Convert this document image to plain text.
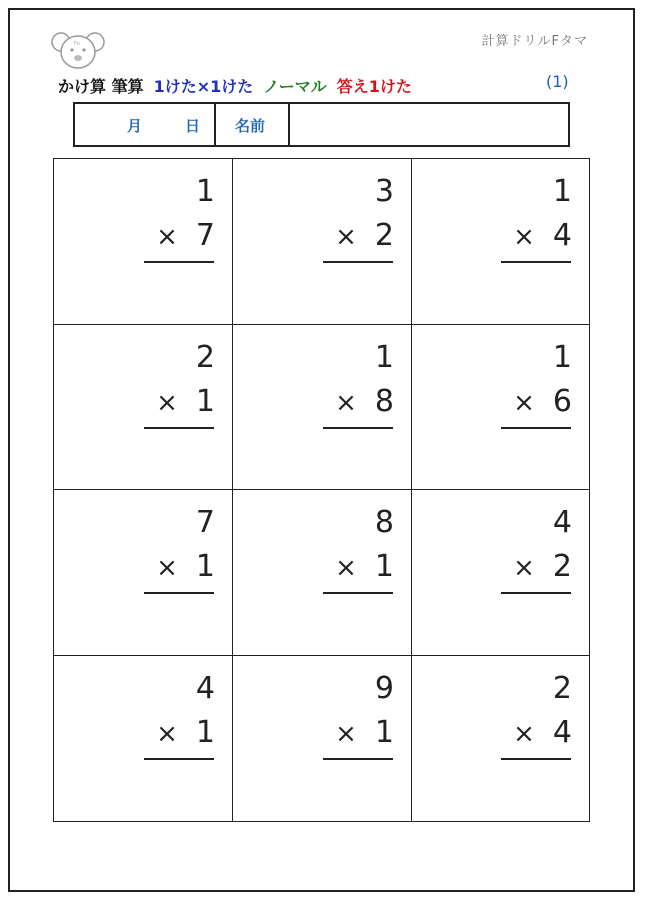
Fo	計算ドリルFタマ
かけ算 筆算 1けた×1けた ノーマル 答え1けた	(1)
月	日	名前
1
× 7
3
× 2
1
× 4
2
× 1
1
× 8
1
× 6
7
× 1
8
× 1
4
× 2
4
× 1
9
× 1
2
× 4
